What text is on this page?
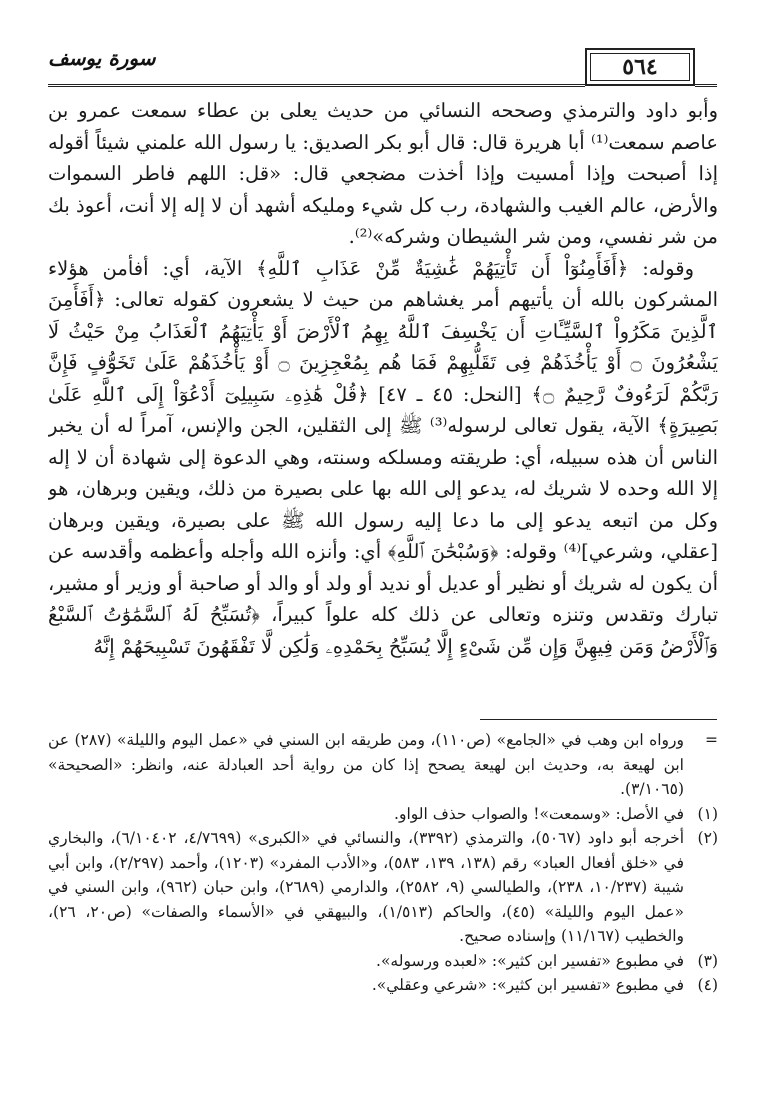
سورة يوسف	٥٦٤

وأبو داود والترمذي وصححه النسائي من حديث يعلى بن عطاء سمعت عمرو بن عاصم سمعت⁽¹⁾ أبا هريرة قال: قال أبو بكر الصديق: يا رسول الله علمني شيئاً أقوله إذا أصبحت وإذا أمسيت وإذا أخذت مضجعي قال: «قل: اللهم فاطر السموات والأرض، عالم الغيب والشهادة، رب كل شيء ومليكه أشهد أن لا إله إلا أنت، أعوذ بك من شر نفسي، ومن شر الشيطان وشركه»⁽²⁾.

وقوله: ﴿أَفَأَمِنُوٓاْ أَن تَأْتِيَهُمْ غَٰشِيَةٌ مِّنْ عَذَابِ ٱللَّهِ﴾ الآية، أي: أفأمن هؤلاء المشركون بالله أن يأتيهم أمر يغشاهم من حيث لا يشعرون كقوله تعالى: ﴿أَفَأَمِنَ ٱلَّذِينَ مَكَرُواْ ٱلسَّيِّـَٔاتِ أَن يَخْسِفَ ٱللَّهُ بِهِمُ ٱلْأَرْضَ أَوْ يَأْتِيَهُمُ ٱلْعَذَابُ مِنْ حَيْثُ لَا يَشْعُرُونَ ۝ أَوْ يَأْخُذَهُمْ فِى تَقَلُّبِهِمْ فَمَا هُم بِمُعْجِزِينَ ۝ أَوْ يَأْخُذَهُمْ عَلَىٰ تَخَوُّفٍ فَإِنَّ رَبَّكُمْ لَرَءُوفٌ رَّحِيمٌ ۝﴾ [النحل: ٤٥ ـ ٤٧] ﴿قُلْ هَٰذِهِۦ سَبِيلِىٓ أَدْعُوٓاْ إِلَى ٱللَّهِ عَلَىٰ بَصِيرَةٍ﴾ الآية، يقول تعالى لرسوله⁽³⁾ ﷺ إلى الثقلين، الجن والإنس، آمراً له أن يخبر الناس أن هذه سبيله، أي: طريقته ومسلكه وسنته، وهي الدعوة إلى شهادة أن لا إله إلا الله وحده لا شريك له، يدعو إلى الله بها على بصيرة من ذلك، ويقين وبرهان، هو وكل من اتبعه يدعو إلى ما دعا إليه رسول الله ﷺ على بصيرة، ويقين وبرهان [عقلي، وشرعي]⁽⁴⁾ وقوله: ﴿وَسُبْحَٰنَ ٱللَّهِ﴾ أي: وأنزه الله وأجله وأعظمه وأقدسه عن أن يكون له شريك أو نظير أو عديل أو نديد أو ولد أو والد أو صاحبة أو وزير أو مشير، تبارك وتقدس وتنزه وتعالى عن ذلك كله علواً كبيراً، ﴿تُسَبِّحُ لَهُ ٱلسَّمَٰوَٰتُ ٱلسَّبْعُ وَٱلْأَرْضُ وَمَن فِيهِنَّ وَإِن مِّن شَىْءٍ إِلَّا يُسَبِّحُ بِحَمْدِهِۦ وَلَٰكِن لَّا تَفْقَهُونَ تَسْبِيحَهُمْ إِنَّهُ

=
ورواه ابن وهب في «الجامع» (ص١١٠)، ومن طريقه ابن السني في «عمل اليوم والليلة» (٢٨٧) عن ابن لهيعة به، وحديث ابن لهيعة يصحح إذا كان من رواية أحد العبادلة عنه، وانظر: «الصحيحة» (٣/١٠٦٥).
(١)
في الأصل: «وسمعت»! والصواب حذف الواو.
(٢)
أخرجه أبو داود (٥٠٦٧)، والترمذي (٣٣٩٢)، والنسائي في «الكبرى» (٤/٧٦٩٩، ٦/١٠٤٠٢)، والبخاري في «خلق أفعال العباد» رقم (١٣٨، ١٣٩، ٥٨٣)، و«الأدب المفرد» (١٢٠٣)، وأحمد (٢/٢٩٧)، وابن أبي شيبة (١٠/٢٣٧، ٢٣٨)، والطيالسي (٩، ٢٥٨٢)، والدارمي (٢٦٨٩)، وابن حبان (٩٦٢)، وابن السني في «عمل اليوم والليلة» (٤٥)، والحاكم (١/٥١٣)، والبيهقي في «الأسماء والصفات» (ص٢٠، ٢٦)، والخطيب (١١/١٦٧) وإسناده صحيح.
(٣)
في مطبوع «تفسير ابن كثير»: «لعبده ورسوله».
(٤)
في مطبوع «تفسير ابن كثير»: «شرعي وعقلي».
